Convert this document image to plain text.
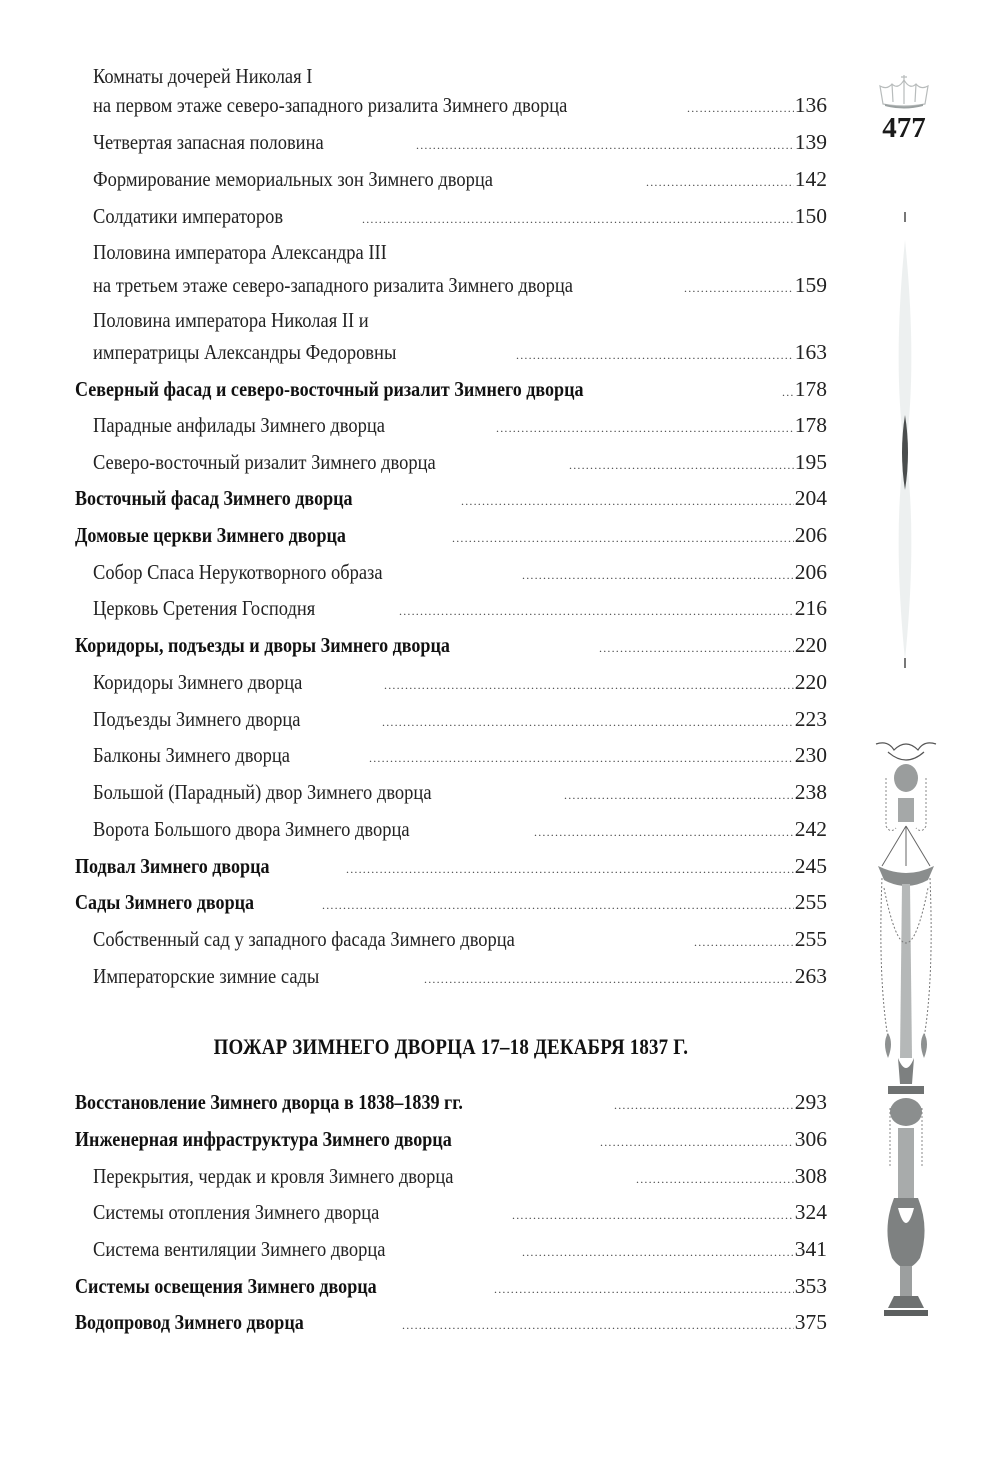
477
Комнаты дочерей Николая I
на первом этаже северо-западного ризалита Зимнего дворца .....	136
Четвертая запасная половина .....	139
Формирование мемориальных зон Зимнего дворца .....	142
Солдатики императоров .....	150
Половина императора Александра III
на третьем этаже северо-западного ризалита Зимнего дворца .....	159
Половина императора Николая II и
императрицы Александры Федоровны .....	163
Северный фасад и северо-восточный ризалит Зимнего дворца .....	178
Парадные анфилады Зимнего дворца .....	178
Северо-восточный ризалит Зимнего дворца .....	195
Восточный фасад Зимнего дворца .....	204
Домовые церкви Зимнего дворца .....	206
Собор Спаса Нерукотворного образа .....	206
Церковь Сретения Господня .....	216
Коридоры, подъезды и дворы Зимнего дворца .....	220
Коридоры Зимнего дворца .....	220
Подъезды Зимнего дворца .....	223
Балконы Зимнего дворца .....	230
Большой (Парадный) двор Зимнего дворца .....	238
Ворота Большого двора Зимнего дворца .....	242
Подвал Зимнего дворца .....	245
Сады Зимнего дворца .....	255
Собственный сад у западного фасада Зимнего дворца .....	255
Императорские зимние сады .....	263
Восстановление Зимнего дворца в 1838–1839 гг. .....	293
Инженерная инфраструктура Зимнего дворца .....	306
Перекрытия, чердак и кровля Зимнего дворца .....	308
Системы отопления Зимнего дворца .....	324
Система вентиляции Зимнего дворца .....	341
Системы освещения Зимнего дворца .....	353
Водопровод Зимнего дворца .....	375
ПОЖАР ЗИМНЕГО ДВОРЦА 17–18 ДЕКАБРЯ 1837 Г.
